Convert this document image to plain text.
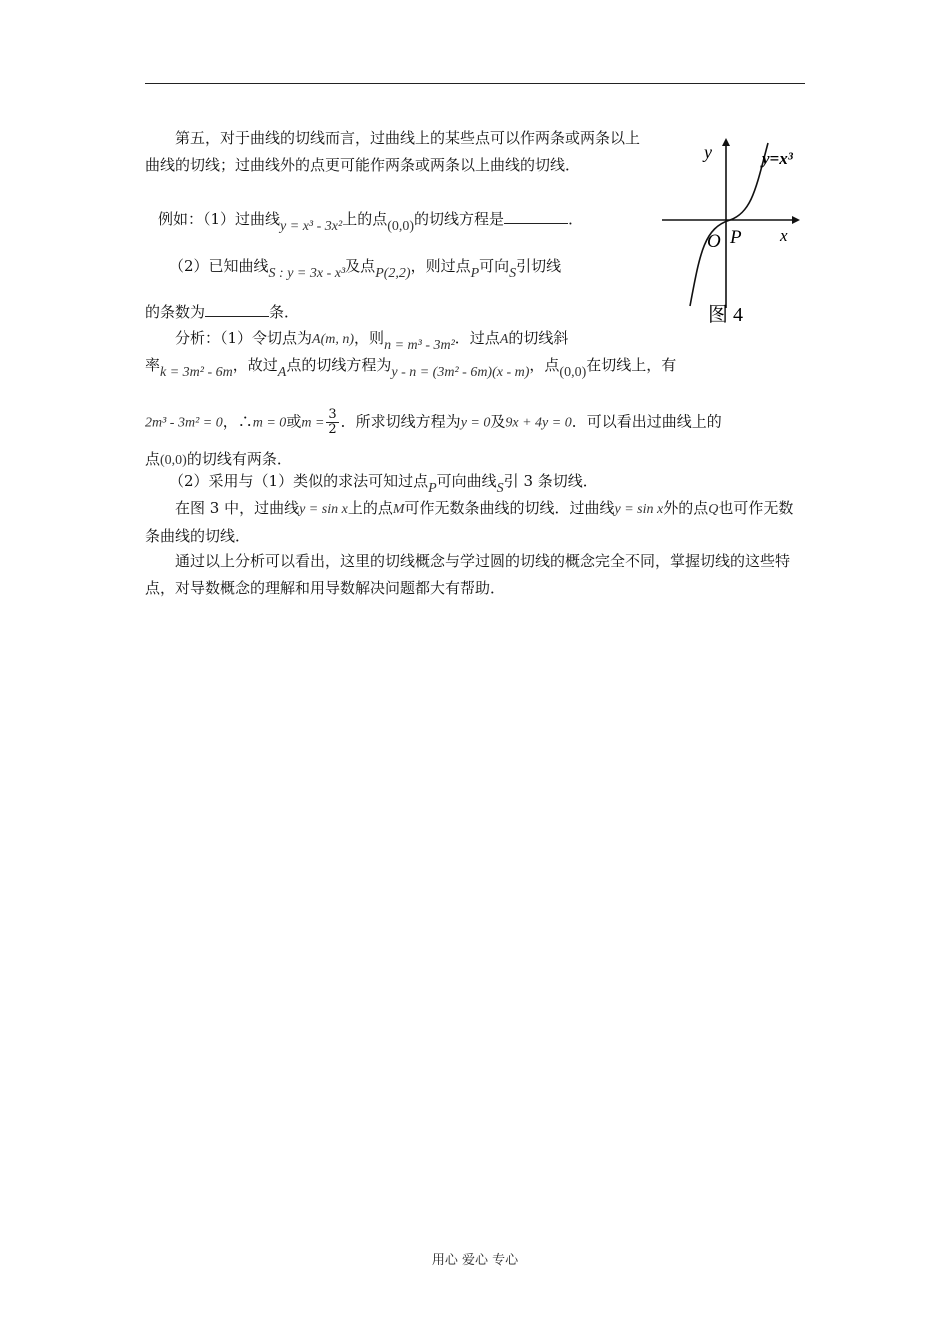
第五，对于曲线的切线而言，过曲线上的某些点可以作两条或两条以上曲线的切线；过曲线外的点更可能作两条或两条以上曲线的切线．
例如：（1）过曲线y = x³ - 3x²上的点(0,0)的切线方程是	．
（2）已知曲线S : y = 3x - x³及点P(2,2)，则过点P可向S引切线
的条数为	条．
分析：（1）令切点为A(m, n)，则n = m³ - 3m²．过点A的切线斜
率k = 3m² - 6m，故过A点的切线方程为y - n = (3m² - 6m)(x - m)，点(0,0)在切线上，有
2m³ - 3m² = 0，∴m = 0或$m = \frac{3}{2}$ ．所求切线方程为y = 0及9x + 4y = 0．可以看出过曲线上的
点(0,0)的切线有两条．
（2）采用与（1）类似的求法可知过点P可向曲线S引 3 条切线．
在图 3 中，过曲线y = sin x上的点M可作无数条曲线的切线．过曲线y = sin x外的点Q也可作无数条曲线的切线．
通过以上分析可以看出，这里的切线概念与学过圆的切线的概念完全不同，掌握切线的这些特点，对导数概念的理解和用导数解决问题都大有帮助．
y
x
y=x³
O P
图 4
用心 爱心 专心
